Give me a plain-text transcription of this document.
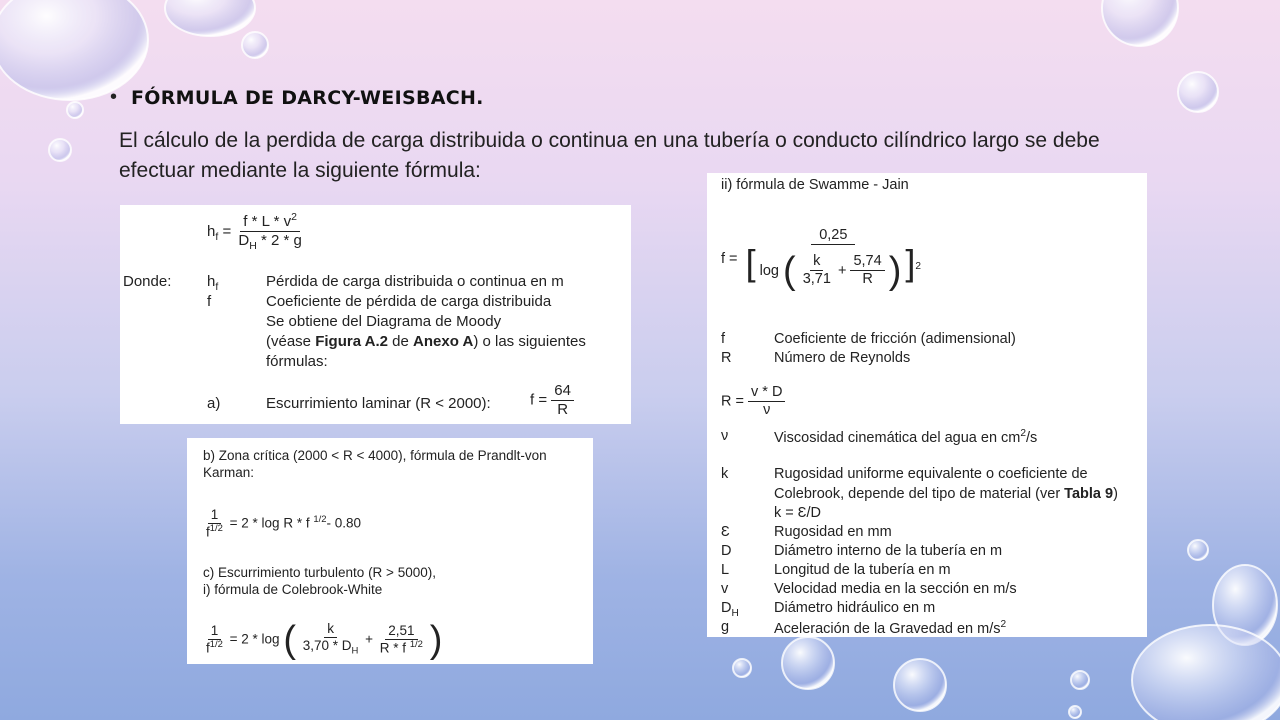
• FÓRMULA DE DARCY-WEISBACH.
El cálculo de la perdida de carga distribuida o continua en una tubería o conducto cilíndrico largo se debe efectuar mediante la siguiente fórmula:
$h_f = \frac{f * L * v^2}{D_H * 2 * g}$
Donde: $h_f$	Pérdida de carga distribuida o continua en m
f	Coeficiente de pérdida de carga distribuida
Se obtiene del Diagrama de Moody
(véase Figura A.2 de Anexo A) o las siguientes
fórmulas:
a)	Escurrimiento laminar (R < 2000):	$f = \frac{64}{R}$
b) Zona crítica (2000 < R < 4000), fórmula de Prandlt-von
Karman:
$\frac{1}{f^{1/2}} = 2 * \log R * f$ $^{1/2}$- 0.80
c) Escurrimiento turbulento (R > 5000),
i) fórmula de Colebrook-White
$\frac{1}{f^{1/2}} = 2 * \log$ ( $\frac{k}{3,70 * D_H} + \frac{2,51}{R * f ^{1/2}}$ )
ii) fórmula de Swamme - Jain
f =
0,25
[ log ( $\frac{k}{3,71} + \frac{5,74}{R}$ ) ]$^2$
f	Coeficiente de fricción (adimensional)
R	Número de Reynolds
$R = \frac{v * D}{\nu}$
ν	Viscosidad cinemática del agua en $cm^2/s$
k	Rugosidad uniforme equivalente o coeficiente de
Colebrook, depende del tipo de material (ver Tabla 9)
k = Ɛ/D
Ɛ	Rugosidad en mm
D	Diámetro interno de la tubería en m
L	Longitud de la tubería en m
v	Velocidad media en la sección en m/s
$D_H$ Diámetro hidráulico en m
g	Aceleración de la Gravedad en $m/s^2$
